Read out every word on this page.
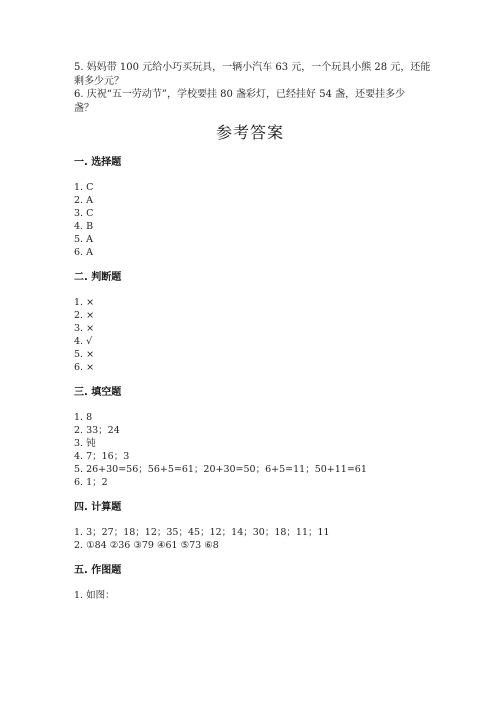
5. 妈妈带 100 元给小巧买玩具，一辆小汽车 63 元，一个玩具小熊 28 元，还能
剩多少元？
6. 庆祝“五一劳动节”，学校要挂 80 盏彩灯，已经挂好 54 盏，还要挂多少
盏？
参考答案
一. 选择题
1. C
2. A
3. C
4. B
5. A
6. A
二. 判断题
1. ×
2. ×
3. ×
4. √
5. ×
6. ×
三. 填空题
1. 8
2. 33；24
3. 钝
4. 7；16；3
5. 26+30=56；56+5=61；20+30=50；6+5=11；50+11=61
6. 1；2
四. 计算题
1. 3；27；18；12；35；45；12；14；30；18；11；11
2. ①84 ②36 ③79 ④61 ⑤73 ⑥8
五. 作图题
1. 如图：
